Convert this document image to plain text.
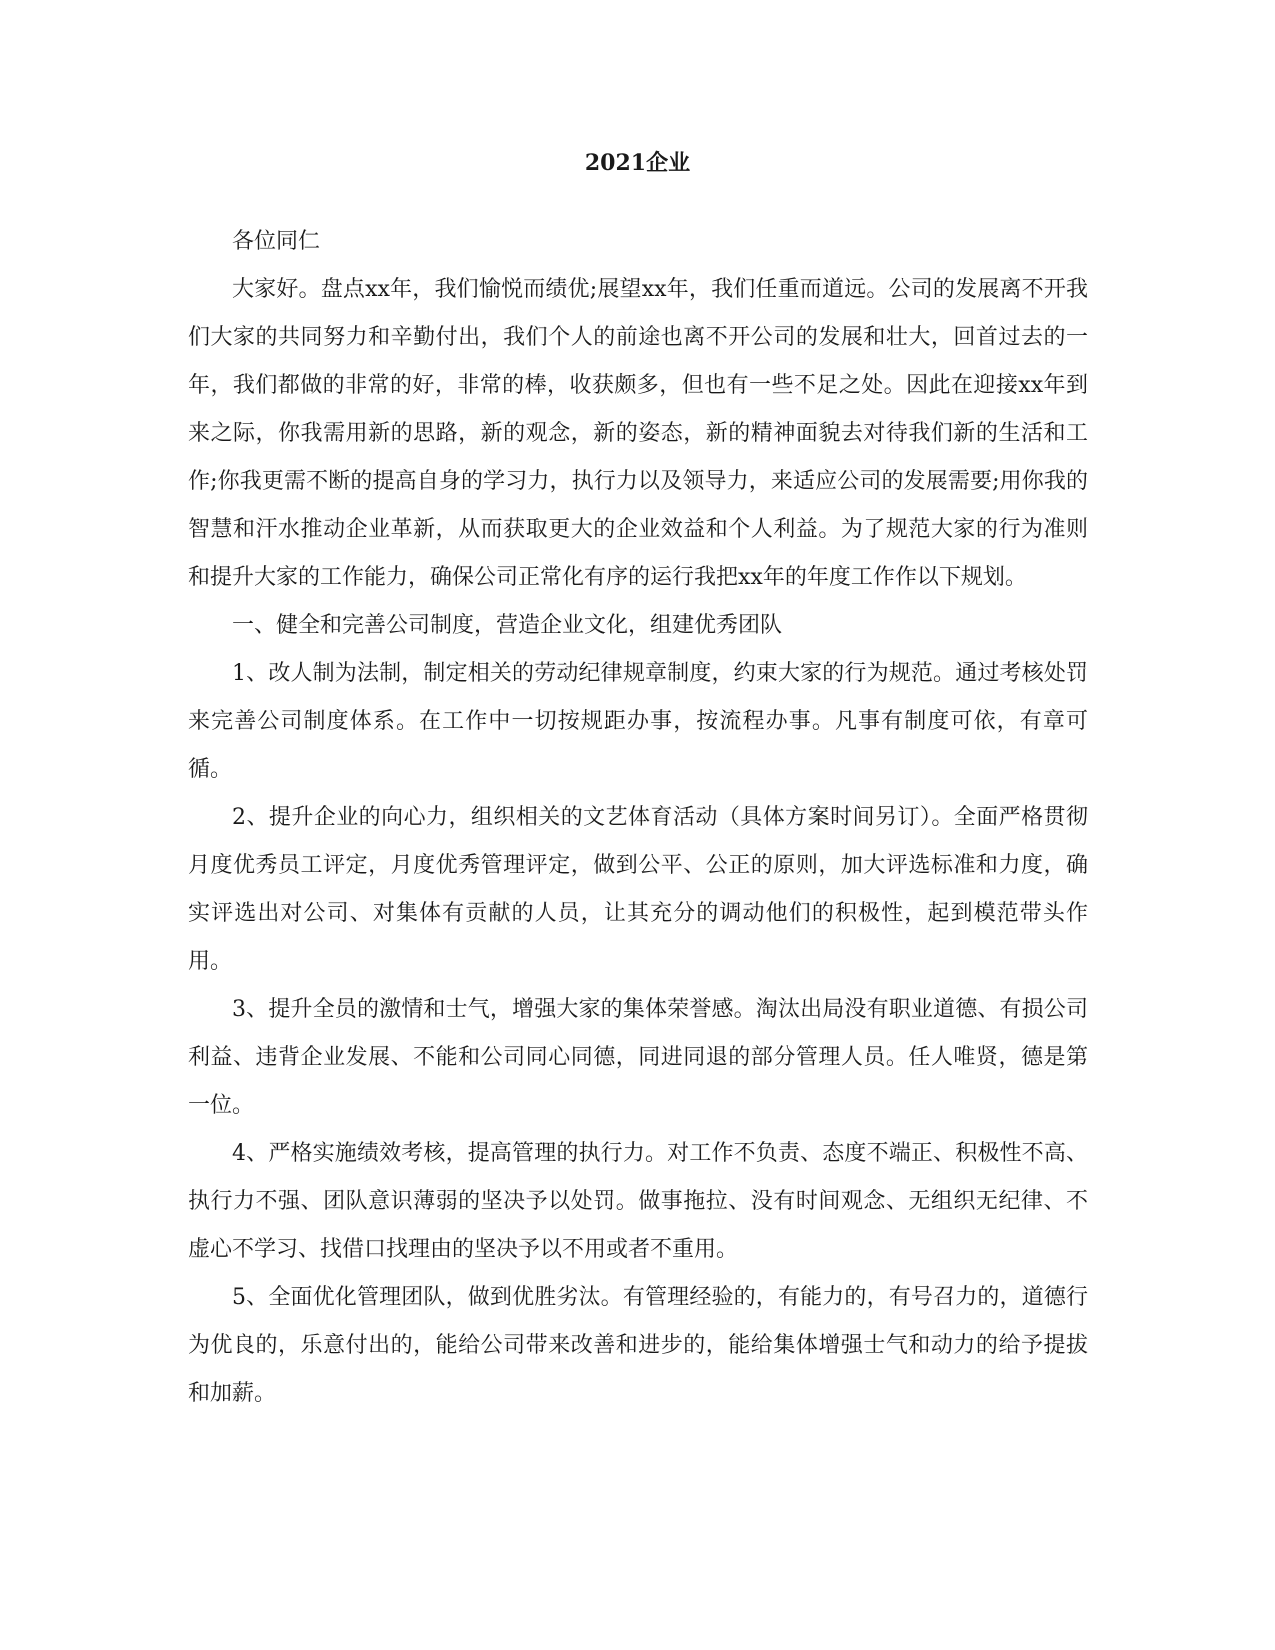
2021企业

各位同仁

大家好。盘点xx年，我们愉悦而绩优;展望xx年，我们任重而道远。公司的发展离不开我们大家的共同努力和辛勤付出，我们个人的前途也离不开公司的发展和壮大，回首过去的一年，我们都做的非常的好，非常的棒，收获颇多，但也有一些不足之处。因此在迎接xx年到来之际，你我需用新的思路，新的观念，新的姿态，新的精神面貌去对待我们新的生活和工作;你我更需不断的提高自身的学习力，执行力以及领导力，来适应公司的发展需要;用你我的智慧和汗水推动企业革新，从而获取更大的企业效益和个人利益。为了规范大家的行为准则和提升大家的工作能力，确保公司正常化有序的运行我把xx年的年度工作作以下规划。

一、健全和完善公司制度，营造企业文化，组建优秀团队

1、改人制为法制，制定相关的劳动纪律规章制度，约束大家的行为规范。通过考核处罚来完善公司制度体系。在工作中一切按规距办事，按流程办事。凡事有制度可依，有章可循。

2、提升企业的向心力，组织相关的文艺体育活动（具体方案时间另订）。全面严格贯彻月度优秀员工评定，月度优秀管理评定，做到公平、公正的原则，加大评选标准和力度，确实评选出对公司、对集体有贡献的人员，让其充分的调动他们的积极性，起到模范带头作用。

3、提升全员的激情和士气，增强大家的集体荣誉感。淘汰出局没有职业道德、有损公司利益、违背企业发展、不能和公司同心同德，同进同退的部分管理人员。任人唯贤，德是第一位。

4、严格实施绩效考核，提高管理的执行力。对工作不负责、态度不端正、积极性不高、执行力不强、团队意识薄弱的坚决予以处罚。做事拖拉、没有时间观念、无组织无纪律、不虚心不学习、找借口找理由的坚决予以不用或者不重用。

5、全面优化管理团队，做到优胜劣汰。有管理经验的，有能力的，有号召力的，道德行为优良的，乐意付出的，能给公司带来改善和进步的，能给集体增强士气和动力的给予提拔和加薪。
